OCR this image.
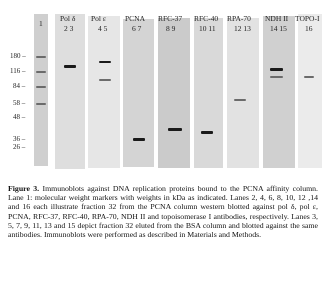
1
180 –
116 –
84 –
58 –
48 –
36 –
26 –
Pol δ Pol ε	PCNA RFC-37 RFC-40 RPA-70 NDH II TOPO-I
2 3	4 5	6 7	8 9	10 11 12 13	14 15 16
Figure 3. Immunoblots against DNA replication proteins bound to the PCNA affinity column. Lane 1: molecular weight markers with weights in kDa as indicated. Lanes 2, 4, 6, 8, 10, 12 ,14 and 16 each illustrate fraction 32 from the PCNA column western blotted against pol δ, pol ε, PCNA, RFC-37, RFC-40, RPA-70, NDH II and topoisomerase I antibodies, respectively. Lanes 3, 5, 7, 9, 11, 13 and 15 depict fraction 32 eluted from the BSA column and blotted against the same antibodies. Immunoblots were performed as described in Materials and Methods.
